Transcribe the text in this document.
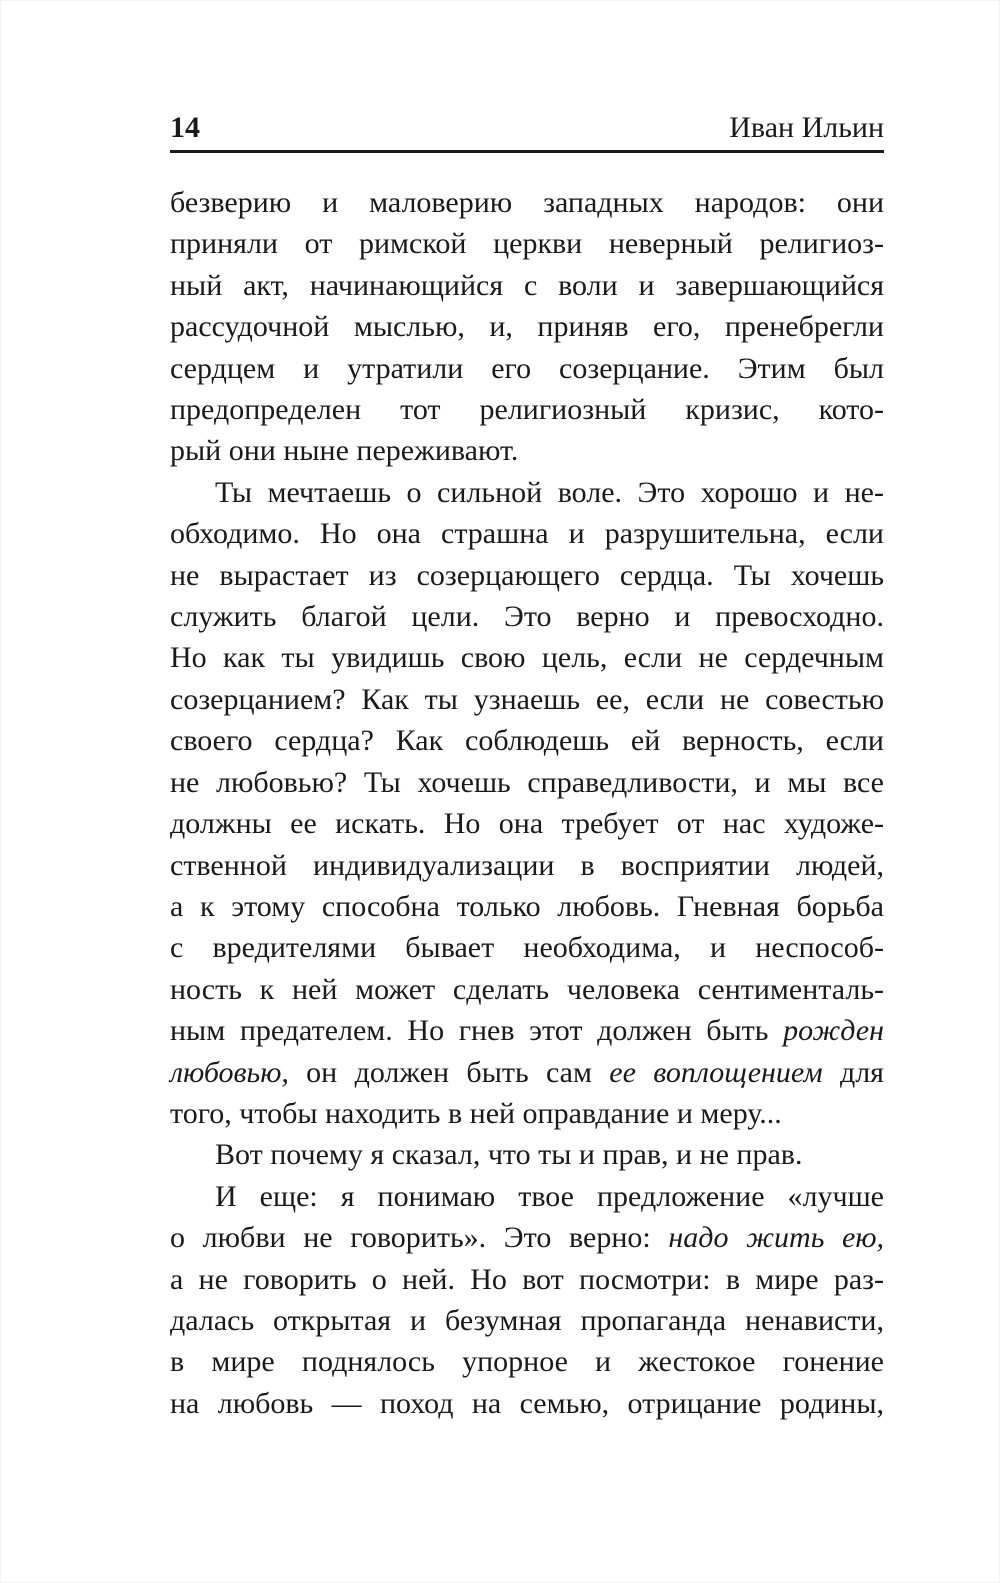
14	Иван Ильин
безверию и маловерию западных народов: они
приняли от римской церкви неверный религиоз-
ный акт, начинающийся с воли и завершающийся
рассудочной мыслью, и, приняв его, пренебрегли
сердцем и утратили его созерцание. Этим был
предопределен тот религиозный кризис, кото-
рый они ныне переживают.
Ты мечтаешь о сильной воле. Это хорошо и не-
обходимо. Но она страшна и разрушительна, если
не вырастает из созерцающего сердца. Ты хочешь
служить благой цели. Это верно и превосходно.
Но как ты увидишь свою цель, если не сердечным
созерцанием? Как ты узнаешь ее, если не совестью
своего сердца? Как соблюдешь ей верность, если
не любовью? Ты хочешь справедливости, и мы все
должны ее искать. Но она требует от нас художе-
ственной индивидуализации в восприятии людей,
а к этому способна только любовь. Гневная борьба
с вредителями бывает необходима, и неспособ-
ность к ней может сделать человека сентименталь-
ным предателем. Но гнев этот должен быть рожден
любовью, он должен быть сам ее воплощением для
того, чтобы находить в ней оправдание и меру...
Вот почему я сказал, что ты и прав, и не прав.
И еще: я понимаю твое предложение «лучше
о любви не говорить». Это верно: надо жить ею,
а не говорить о ней. Но вот посмотри: в мире раз-
далась открытая и безумная пропаганда ненависти,
в мире поднялось упорное и жестокое гонение
на любовь — поход на семью, отрицание родины,
